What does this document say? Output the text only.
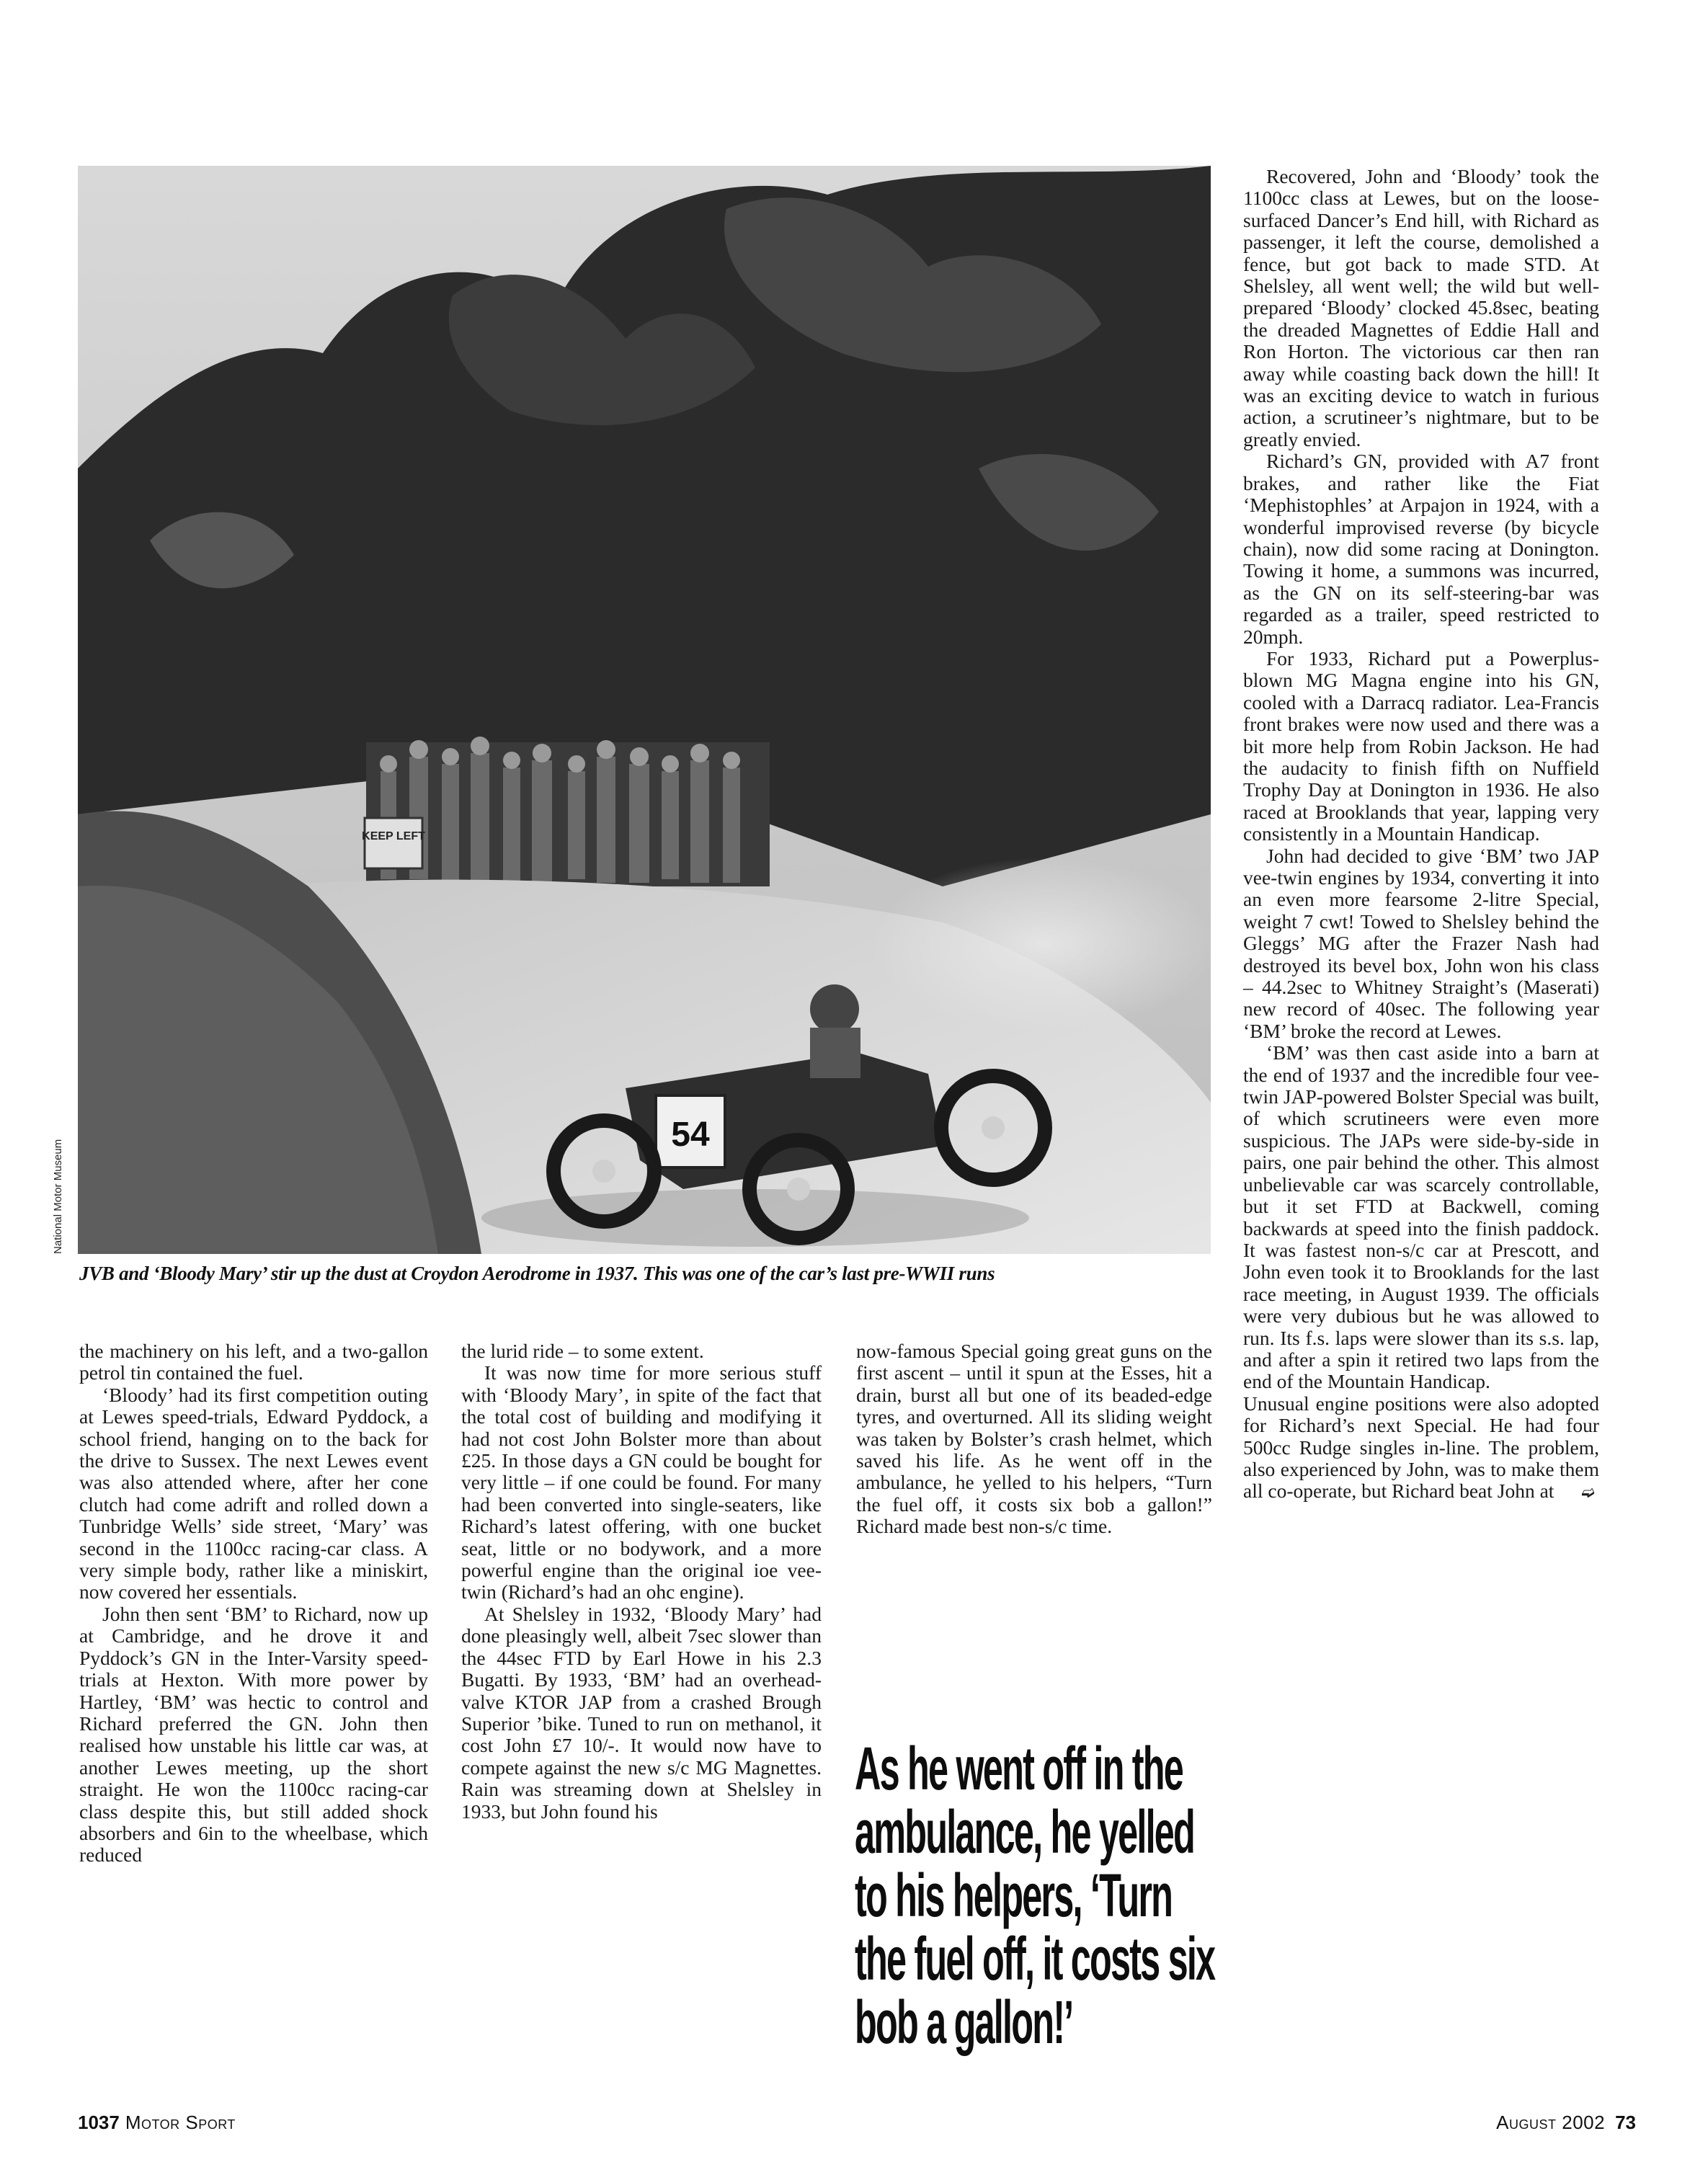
KEEP LEFT
54
National Motor Museum
JVB and ‘Bloody Mary’ stir up the dust at Croydon Aerodrome in 1937. This was one of the car’s last pre-WWII runs

the machinery on his left, and a two-gallon petrol tin contained the fuel.

‘Bloody’ had its first competition outing at Lewes speed-trials, Edward Pyddock, a school friend, hanging on to the back for the drive to Sussex. The next Lewes event was also attended where, after her cone clutch had come adrift and rolled down a Tunbridge Wells’ side street, ‘Mary’ was second in the 1100cc racing-car class. A very simple body, rather like a miniskirt, now covered her essentials.

John then sent ‘BM’ to Richard, now up at Cambridge, and he drove it and Pyddock’s GN in the Inter-Varsity speed-trials at Hexton. With more power by Hartley, ‘BM’ was hectic to control and Richard preferred the GN. John then realised how unstable his little car was, at another Lewes meeting, up the short straight. He won the 1100cc racing-car class despite this, but still added shock absorbers and 6in to the wheelbase, which reduced

the lurid ride – to some extent.

It was now time for more serious stuff with ‘Bloody Mary’, in spite of the fact that the total cost of building and modifying it had not cost John Bolster more than about £25. In those days a GN could be bought for very little – if one could be found. For many had been converted into single-seaters, like Richard’s latest offering, with one bucket seat, little or no bodywork, and a more powerful engine than the original ioe vee-twin (Richard’s had an ohc engine).

At Shelsley in 1932, ‘Bloody Mary’ had done pleasingly well, albeit 7sec slower than the 44sec FTD by Earl Howe in his 2.3 Bugatti. By 1933, ‘BM’ had an overhead-valve KTOR JAP from a crashed Brough Superior ’bike. Tuned to run on methanol, it cost John £7 10/-. It would now have to compete against the new s/c MG Magnettes. Rain was streaming down at Shelsley in 1933, but John found his

now-famous Special going great guns on the first ascent – until it spun at the Esses, hit a drain, burst all but one of its beaded-edge tyres, and overturned. All its sliding weight was taken by Bolster’s crash helmet, which saved his life. As he went off in the ambulance, he yelled to his helpers, “Turn the fuel off, it costs six bob a gallon!” Richard made best non-s/c time.

As he went off in the ambulance, he yelled to his helpers, ‘Turn the fuel off, it costs six bob a gallon!’

Recovered, John and ‘Bloody’ took the 1100cc class at Lewes, but on the loose-surfaced Dancer’s End hill, with Richard as passenger, it left the course, demolished a fence, but got back to made STD. At Shelsley, all went well; the wild but well-prepared ‘Bloody’ clocked 45.8sec, beating the dreaded Magnettes of Eddie Hall and Ron Horton. The victorious car then ran away while coasting back down the hill! It was an exciting device to watch in furious action, a scrutineer’s nightmare, but to be greatly envied.

Richard’s GN, provided with A7 front brakes, and rather like the Fiat ‘Mephistophles’ at Arpajon in 1924, with a wonderful improvised reverse (by bicycle chain), now did some racing at Donington. Towing it home, a summons was incurred, as the GN on its self-steering-bar was regarded as a trailer, speed restricted to 20mph.

For 1933, Richard put a Powerplus-blown MG Magna engine into his GN, cooled with a Darracq radiator. Lea-Francis front brakes were now used and there was a bit more help from Robin Jackson. He had the audacity to finish fifth on Nuffield Trophy Day at Donington in 1936. He also raced at Brooklands that year, lapping very consistently in a Mountain Handicap.

John had decided to give ‘BM’ two JAP vee-twin engines by 1934, converting it into an even more fearsome 2-litre Special, weight 7 cwt! Towed to Shelsley behind the Gleggs’ MG after the Frazer Nash had destroyed its bevel box, John won his class – 44.2sec to Whitney Straight’s (Maserati) new record of 40sec. The following year ‘BM’ broke the record at Lewes.

‘BM’ was then cast aside into a barn at the end of 1937 and the incredible four vee-twin JAP-powered Bolster Special was built, of which scrutineers were even more suspicious. The JAPs were side-by-side in pairs, one pair behind the other. This almost unbelievable car was scarcely controllable, but it set FTD at Backwell, coming backwards at speed into the finish paddock. It was fastest non-s/c car at Prescott, and John even took it to Brooklands for the last race meeting, in August 1939. The officials were very dubious but he was allowed to run. Its f.s. laps were slower than its s.s. lap, and after a spin it retired two laps from the end of the Mountain Handicap.

Unusual engine positions were also adopted for Richard’s next Special. He had four 500cc Rudge singles in-line. The problem, also experienced by John, was to make them all co-operate, but Richard beat John at ➫

1037 Motor Sport	August 2002 73
